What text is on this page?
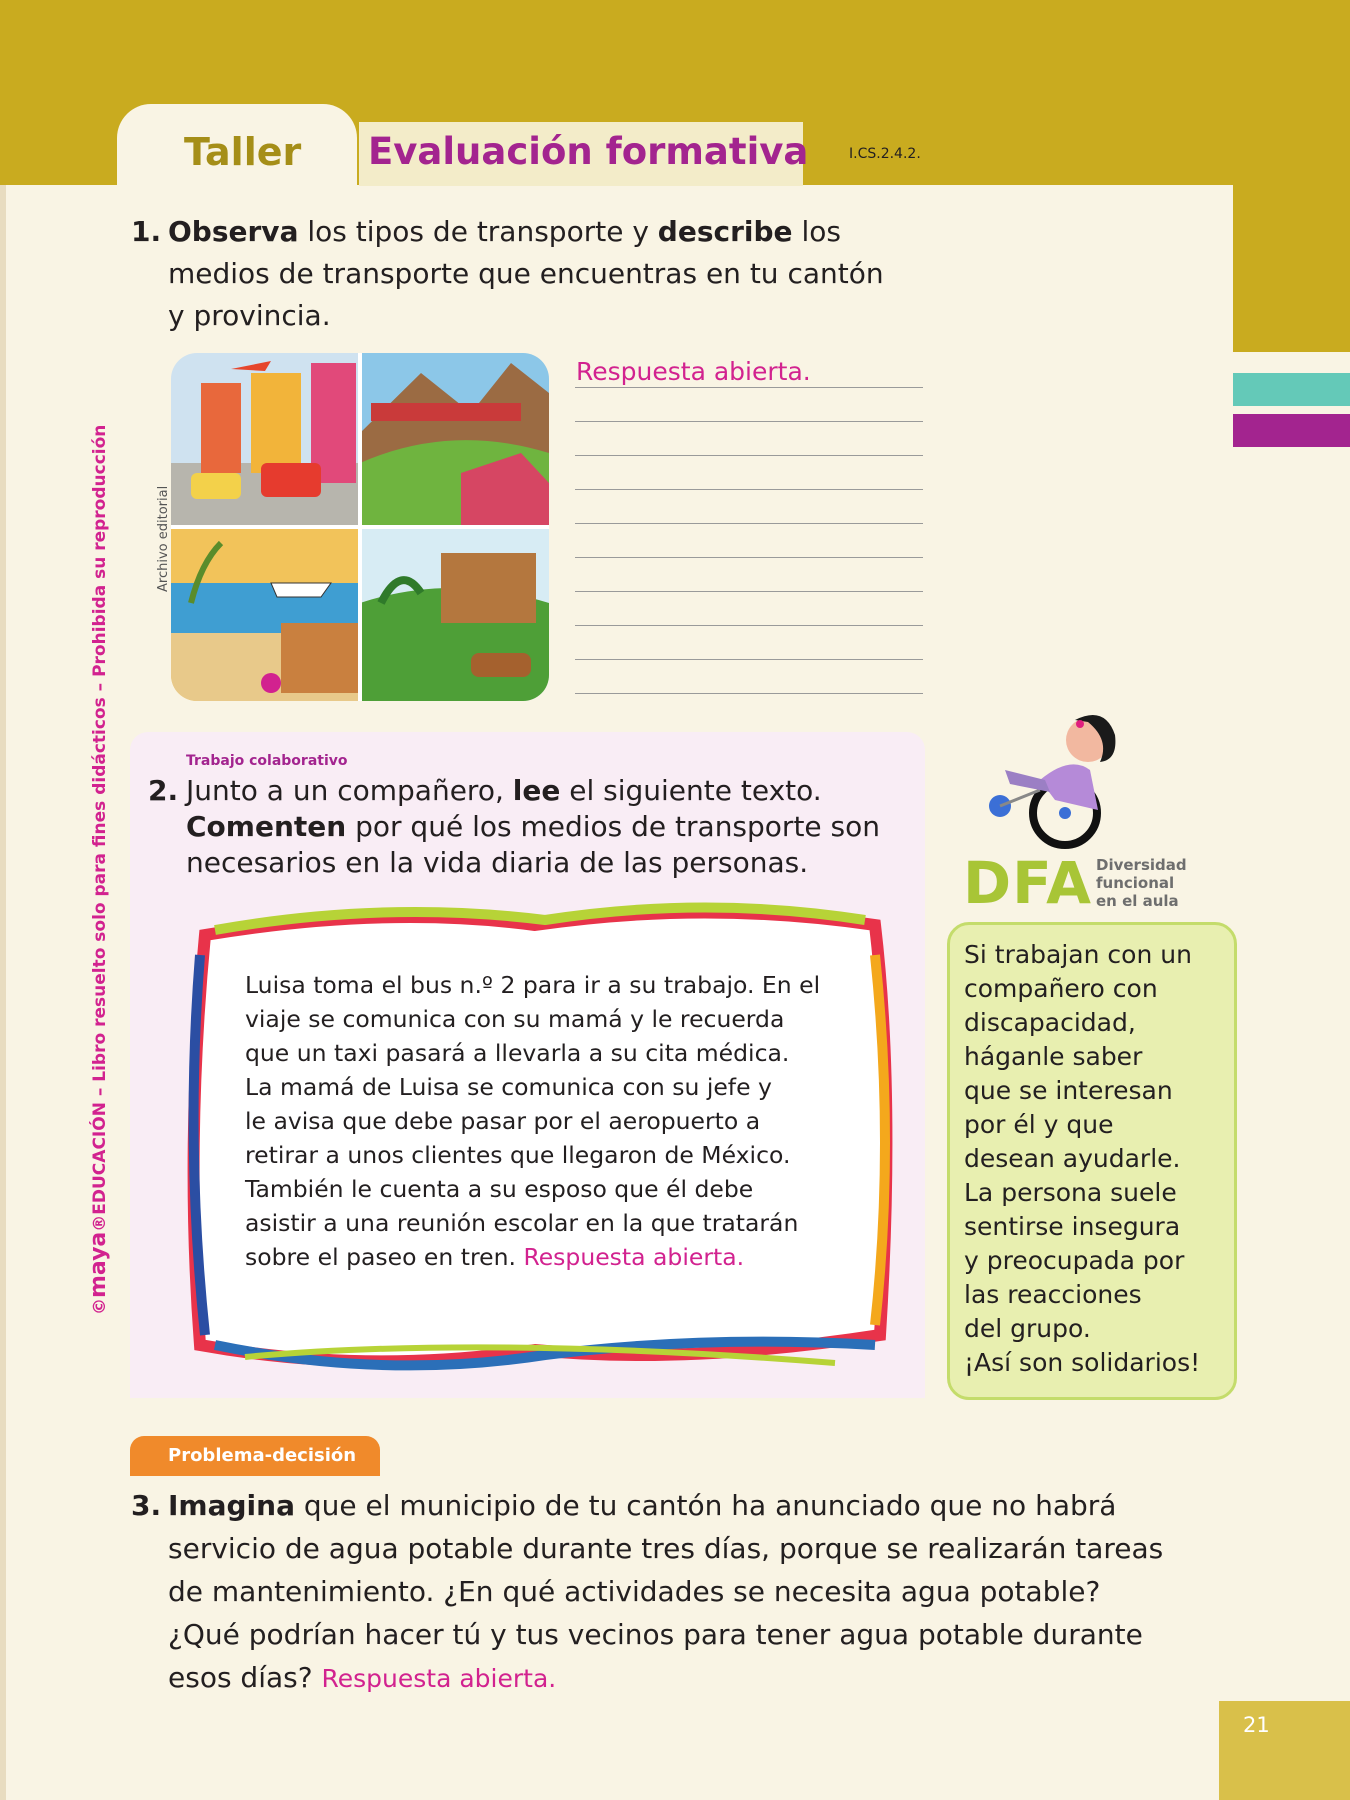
Taller Evaluación formativa	I.CS.2.4.2.
1. Observa los tipos de transporte y describe los
medios de transporte que encuentras en tu cantón
y provincia.
Archivo editorial
Respuesta abierta.
Trabajo colaborativo
2. Junto a un compañero, lee el siguiente texto.
Comenten por qué los medios de transporte son
necesarios en la vida diaria de las personas.
Luisa toma el bus n.º 2 para ir a su trabajo. En el
viaje se comunica con su mamá y le recuerda
que un taxi pasará a llevarla a su cita médica.
La mamá de Luisa se comunica con su jefe y
le avisa que debe pasar por el aeropuerto a
retirar a unos clientes que llegaron de México.
También le cuenta a su esposo que él debe
asistir a una reunión escolar en la que tratarán
sobre el paseo en tren. Respuesta abierta.
DFA Diversidad
funcional
en el aula
Si trabajan con un
compañero con
discapacidad,
háganle saber
que se interesan
por él y que
desean ayudarle.
La persona suele
sentirse insegura
y preocupada por
las reacciones
del grupo.
¡Así son solidarios!
Problema-decisión
3. Imagina que el municipio de tu cantón ha anunciado que no habrá
servicio de agua potable durante tres días, porque se realizarán tareas
de mantenimiento. ¿En qué actividades se necesita agua potable?
¿Qué podrían hacer tú y tus vecinos para tener agua potable durante
esos días? Respuesta abierta.
©maya®EDUCACIÓN – Libro resuelto solo para fines didácticos – Prohibida su reproducción
21
